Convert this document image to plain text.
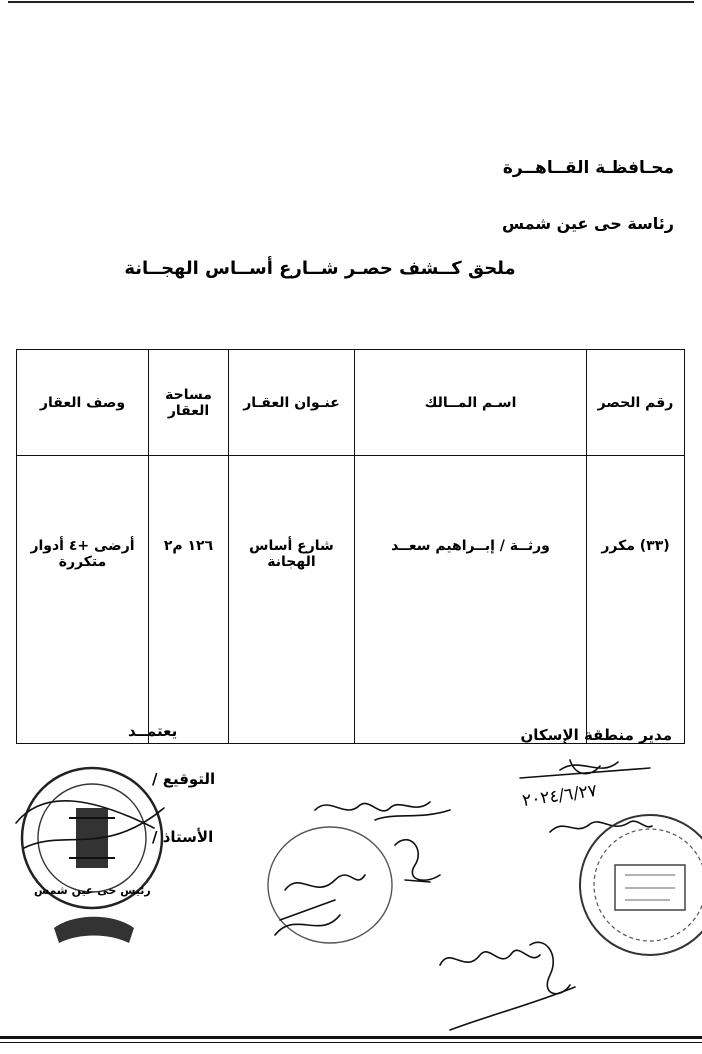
محـافظـة القــاهــرة
رئاسة حى عين شمس
ملحق كــشف حصـر شــارع أســاس الهجــانة
رقم الحصر	اسـم المــالك	عنـوان العقـار	مساحة العقار	وصف العقار
(٣٣) مكرر	ورثــة / إبــراهيم سعــد	شارع أساس الهجانة	١٢٦ م٢	أرضى +٤ أدوار متكررة
مدير منطقة الإسكان
٢٠٢٤/٦/٢٧
يعتمــد
التوقيع /
الأستاذ /
رئيس حى عين شمس
